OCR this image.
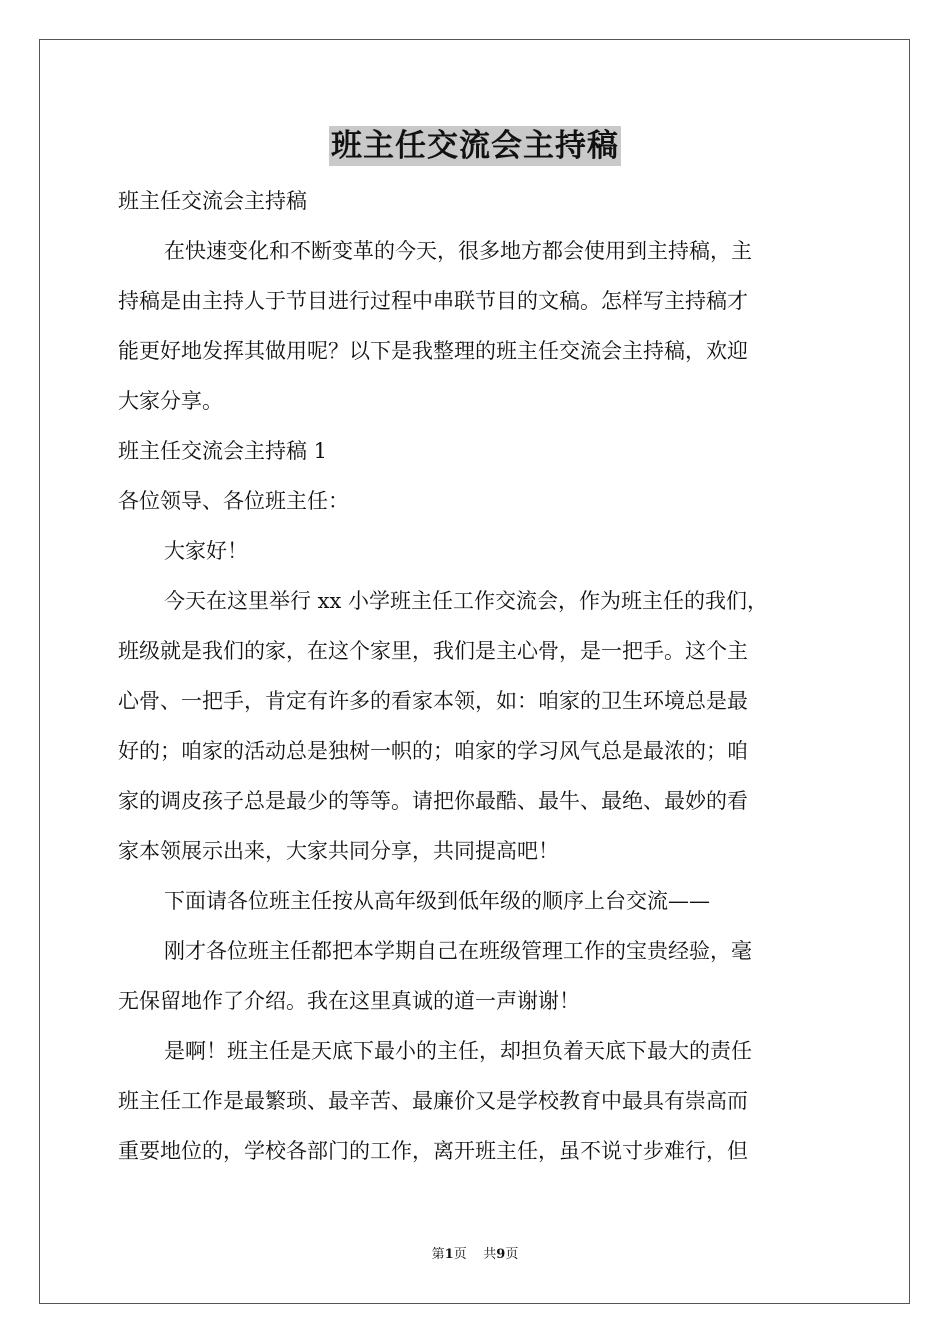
班主任交流会主持稿

班主任交流会主持稿

在快速变化和不断变革的今天，很多地方都会使用到主持稿，主

持稿是由主持人于节目进行过程中串联节目的文稿。怎样写主持稿才

能更好地发挥其做用呢？以下是我整理的班主任交流会主持稿，欢迎

大家分享。

班主任交流会主持稿 1

各位领导、各位班主任：

大家好！

今天在这里举行 xx 小学班主任工作交流会，作为班主任的我们，

班级就是我们的家，在这个家里，我们是主心骨，是一把手。这个主

心骨、一把手，肯定有许多的看家本领，如：咱家的卫生环境总是最

好的；咱家的活动总是独树一帜的；咱家的学习风气总是最浓的；咱

家的调皮孩子总是最少的等等。请把你最酷、最牛、最绝、最妙的看

家本领展示出来，大家共同分享，共同提高吧！

下面请各位班主任按从高年级到低年级的顺序上台交流——

刚才各位班主任都把本学期自己在班级管理工作的宝贵经验，毫

无保留地作了介绍。我在这里真诚的道一声谢谢！

是啊！班主任是天底下最小的主任，却担负着天底下最大的责任

班主任工作是最繁琐、最辛苦、最廉价又是学校教育中最具有崇高而

重要地位的，学校各部门的工作，离开班主任，虽不说寸步难行，但

第1页 共9页
